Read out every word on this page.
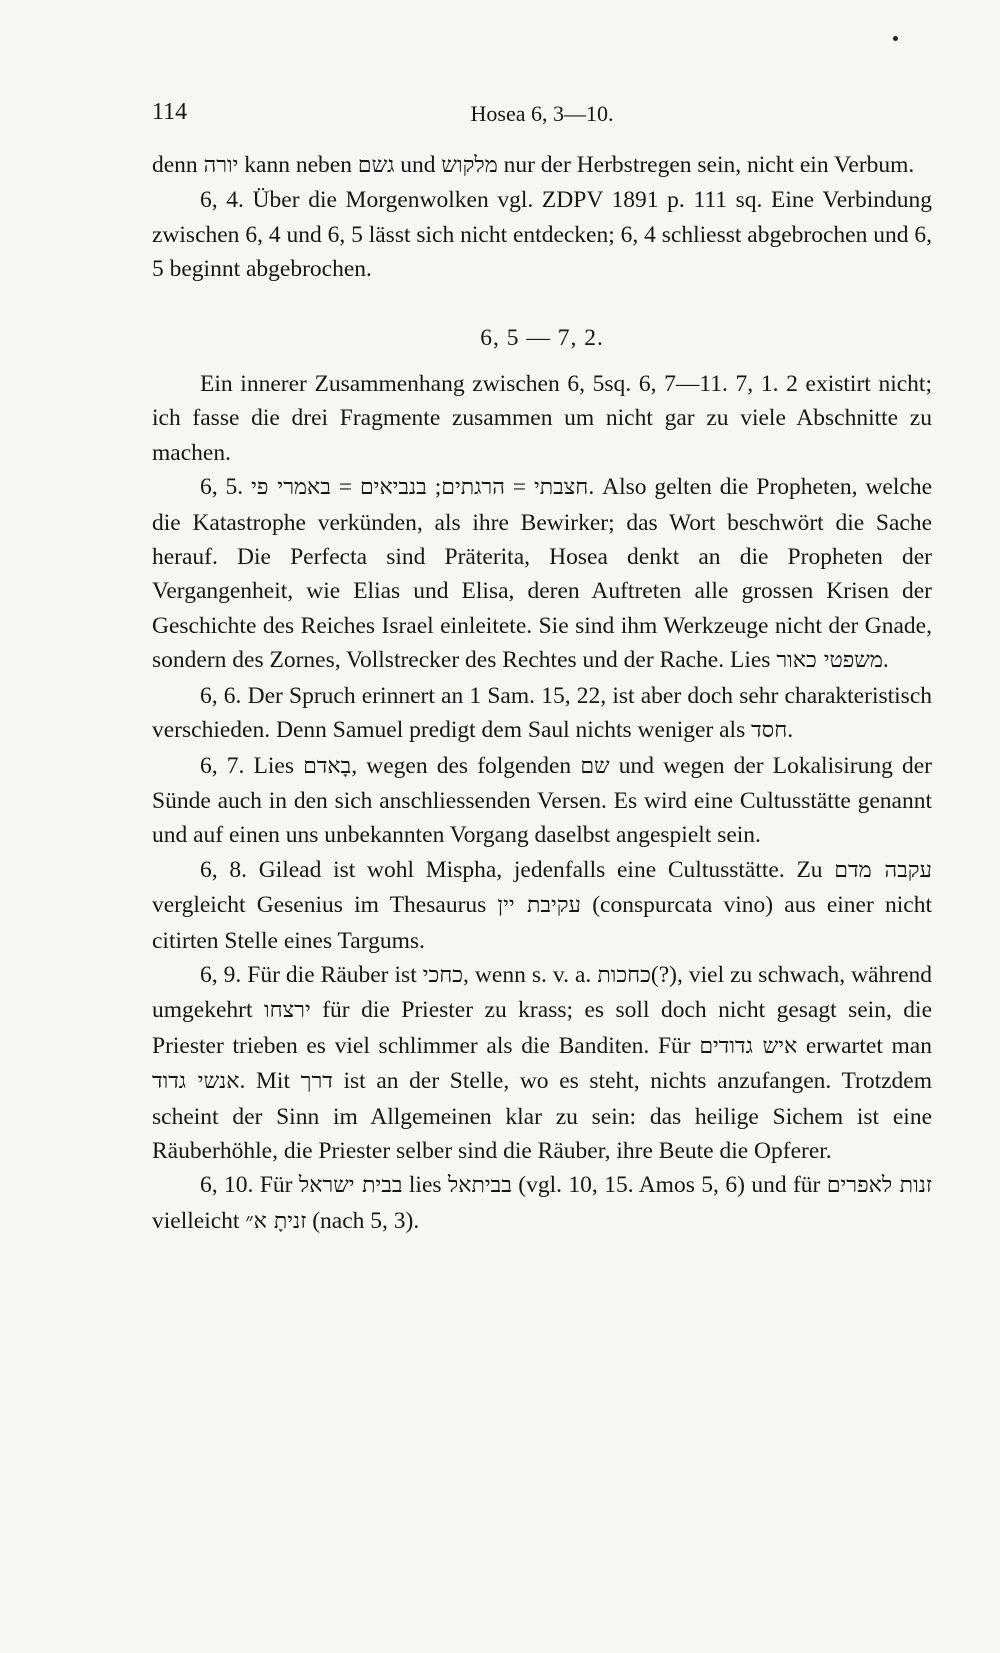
114	Hosea 6, 3—10.

denn יורה kann neben גשם und מלקוש nur der Herbstregen sein, nicht ein Verbum.

6, 4. Über die Morgenwolken vgl. ZDPV 1891 p. 111 sq. Eine Verbindung zwischen 6, 4 und 6, 5 lässt sich nicht entdecken; 6, 4 schliesst abgebrochen und 6, 5 beginnt abgebrochen.

6, 5 — 7, 2.

Ein innerer Zusammenhang zwischen 6, 5sq. 6, 7—11. 7, 1. 2 existirt nicht; ich fasse die drei Fragmente zusammen um nicht gar zu viele Abschnitte zu machen.

6, 5.	חצבתי = הרגתים; בנביאים = באמרי פי	. Also gelten die Propheten, welche die Katastrophe verkünden, als ihre Bewirker; das Wort beschwört die Sache herauf. Die Perfecta sind Präterita, Hosea denkt an die Propheten der Vergangenheit, wie Elias und Elisa, deren Auftreten alle grossen Krisen der Geschichte des Reiches Israel einleitete. Sie sind ihm Werkzeuge nicht der Gnade, sondern des Zornes, Vollstrecker des Rechtes und der Rache. Lies משפטי כאור.

6, 6. Der Spruch erinnert an 1 Sam. 15, 22, ist aber doch sehr charakteristisch verschieden. Denn Samuel predigt dem Saul nichts weniger als חסד.

6, 7. Lies בָאדם, wegen des folgenden שם und wegen der Lokalisirung der Sünde auch in den sich anschliessenden Versen. Es wird eine Cultusstätte genannt und auf einen uns unbekannten Vorgang daselbst angespielt sein.

6, 8. Gilead ist wohl Mispha, jedenfalls eine Cultusstätte. Zu עקבה מדם vergleicht Gesenius im Thesaurus עקיבת יין (conspurcata vino) aus einer nicht citirten Stelle eines Targums.

6, 9. Für die Räuber ist כחכי, wenn s. v. a. כחכות(?), viel zu schwach, während umgekehrt ירצחו für die Priester zu krass; es soll doch nicht gesagt sein, die Priester trieben es viel schlimmer als die Banditen. Für איש גדודים erwartet man אנשי גדוד. Mit דרך ist an der Stelle, wo es steht, nichts anzufangen. Trotzdem scheint der Sinn im Allgemeinen klar zu sein: das heilige Sichem ist eine Räuberhöhle, die Priester selber sind die Räuber, ihre Beute die Opferer.

6, 10. Für בבית ישראל lies בביתאל (vgl. 10, 15. Amos 5, 6) und für זנות לאפרים vielleicht זניתָ א״ (nach 5, 3).
